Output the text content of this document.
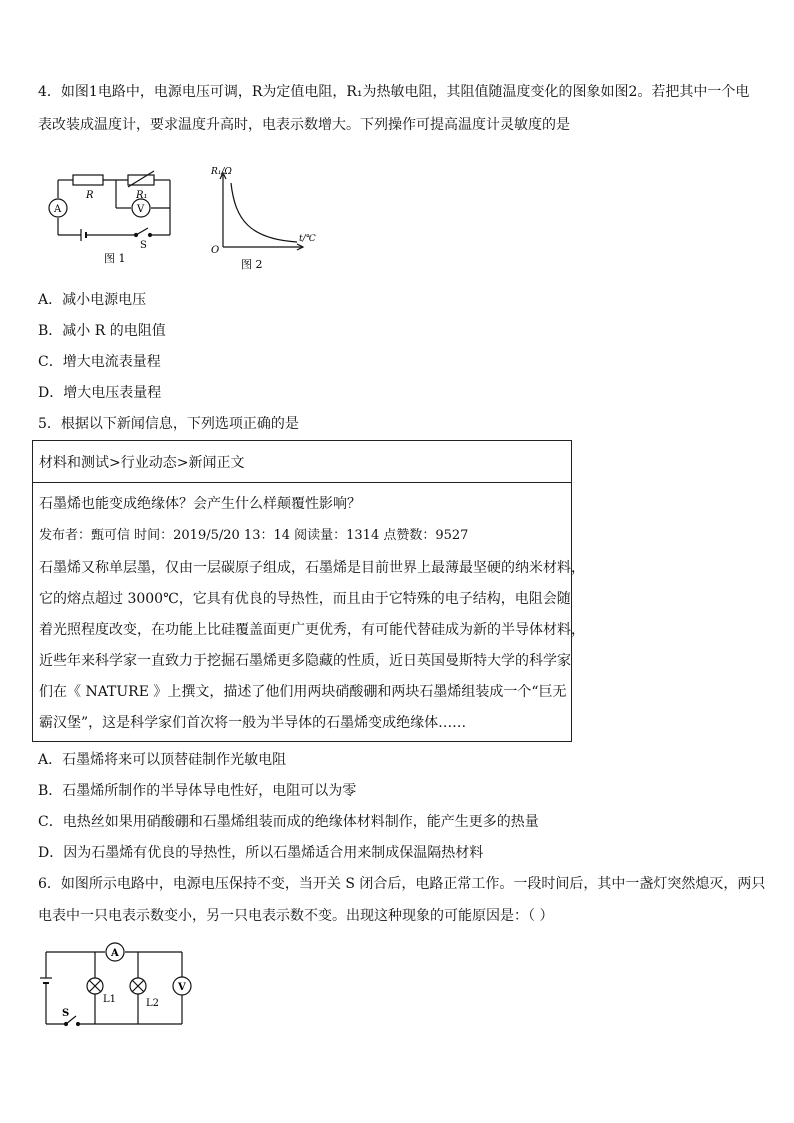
4．如图1电路中，电源电压可调，R为定值电阻，R₁为热敏电阻，其阻值随温度变化的图象如图2。若把其中一个电
表改装成温度计，要求温度升高时，电表示数增大。下列操作可提高温度计灵敏度的是
R	R₁
A	V
S
图 1
R₁/Ω
t/℃
O
图 2
A．减小电源电压
B．减小 R 的电阻值
C．增大电流表量程
D．增大电压表量程
5．根据以下新闻信息，下列选项正确的是
材料和测试>行业动态>新闻正文
石墨烯也能变成绝缘体？会产生什么样颠覆性影响？
发布者：甄可信 时间：2019/5/20 13：14 阅读量：1314 点赞数：9527
石墨烯又称单层墨，仅由一层碳原子组成，石墨烯是目前世界上最薄最坚硬的纳米材料，
它的熔点超过 3000℃，它具有优良的导热性，而且由于它特殊的电子结构，电阻会随
着光照程度改变，在功能上比硅覆盖面更广更优秀，有可能代替硅成为新的半导体材料，
近些年来科学家一直致力于挖掘石墨烯更多隐藏的性质，近日英国曼斯特大学的科学家
们在《 NATURE 》上撰文，描述了他们用两块硝酸硼和两块石墨烯组装成一个“巨无
霸汉堡”，这是科学家们首次将一般为半导体的石墨烯变成绝缘体……
A．石墨烯将来可以顶替硅制作光敏电阻
B．石墨烯所制作的半导体导电性好，电阻可以为零
C．电热丝如果用硝酸硼和石墨烯组装而成的绝缘体材料制作，能产生更多的热量
D．因为石墨烯有优良的导热性，所以石墨烯适合用来制成保温隔热材料
6．如图所示电路中，电源电压保持不变，当开关 S 闭合后，电路正常工作。一段时间后，其中一盏灯突然熄灭，两只
电表中一只电表示数变小，另一只电表示数不变。出现这种现象的可能原因是：（ ）
A
V
L1	L2
S
